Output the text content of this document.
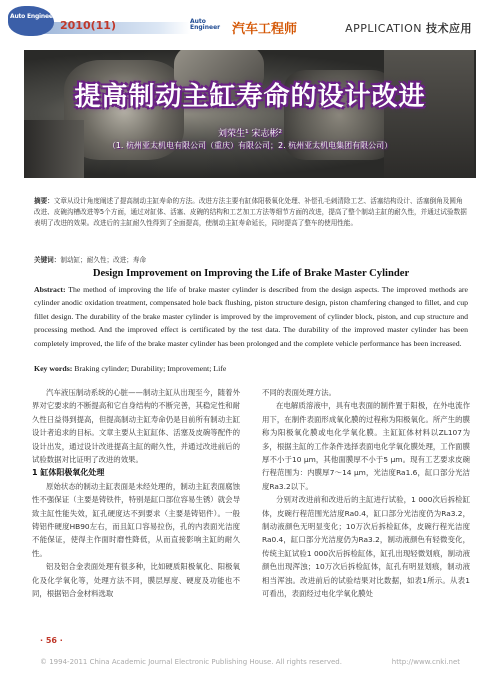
Auto Engineer
2010(11)	Auto
Engineer 汽车工程师	APPLICATION 技术应用
提高制动主缸寿命的设计改进
刘荣生¹ 宋志彬²
（1. 杭州亚太机电有限公司（重庆）有限公司；2. 杭州亚太机电集团有限公司）
摘要：文章从设计角度阐述了提高制动主缸寿命的方法。改进方法主要有缸体阳极氧化处理、补偿孔毛刺清除工艺、活塞结构设计、活塞倒角及圆角改进、皮碗沟槽改进等5个方面，通过对缸体、活塞、皮碗的结构和工艺加工方法等细节方面的改进，提高了整个制动主缸的耐久性，并通过试验数据表明了改进的效果。改进后的主缸耐久性得到了全面提高，使制动主缸寿命延长，同时提高了整车的使用性能。
关键词：制动缸；耐久性；改进；寿命
Design Improvement on Improving the Life of Brake Master Cylinder
Abstract: The method of improving the life of brake master cylinder is described from the design aspects. The improved methods are cylinder anodic oxidation treatment, compensated hole back flushing, piston structure design, piston chamfering changed to fillet, and cup fillet design. The durability of the brake master cylinder is improved by the improvement of cylinder block, piston, and cup structure and processing method. And the improved effect is certificated by the test data. The durability of the improved master cylinder has been completely improved, the life of the brake master cylinder has been prolonged and the complete vehicle performance has been increased.
Key words: Braking cylinder; Durability; Improvement; Life

汽车液压制动系统的心脏——制动主缸从出现至今，随着外界对它要求的不断提高和它自身结构的不断完善，其稳定性和耐久性日益得到提高，但提高制动主缸寿命仍是目前所有制动主缸设计者追求的目标。文章主要从主缸缸体、活塞及皮碗等配件的设计出发，通过设计改进提高主缸的耐久性，并通过改进前后的试验数据对比证明了改进的效果。

1 缸体阳极氧化处理

原始状态的制动主缸表面是未经处理的，制动主缸表面腐蚀性不强保证（主要是铸铁件，特别是缸口部位容易生锈）就会导致主缸性能失效，缸孔硬度达不到要求（主要是铸铝件）。一般铸铝件硬度HB90左右，而且缸口容易拉伤，孔的内表面光洁度不能保证，使得主作面时磨性降低，从而直接影响主缸的耐久性。

铝及铝合金表面处理有很多种，比如硬质阳极氧化、阳极氧化及化学氧化等，处理方法不同，膜层厚度、硬度及功能也不同，根据铝合金材料选取

不同的表面处理方法。

在电解质溶液中，具有电表面的制件置于阳极，在外电流作用下，在制件表面形成氧化膜的过程称为阳极氧化。所产生的膜称为阳极氧化膜或电化学氧化膜。主缸缸体材料以ZL107为多，根据主缸的工作条件选择表面电化学氧化膜处理，工作面膜厚不小于10 μm，其他面膜厚不小于5 μm。现有工艺要求皮碗行程范围为：内膜厚7～14 μm，光洁度Ra1.6，缸口部分光洁度Ra3.2以下。

分别对改进前和改进后的主缸进行试验，1 000次后拆检缸体，皮碗行程范围光洁度Ra0.4，缸口部分光洁度仍为Ra3.2，制动液颜色无明显变化；10万次后拆检缸体，皮碗行程光洁度Ra0.4，缸口部分光洁度仍为Ra3.2，制动液颜色有轻微变化，传统主缸试验1 000次后拆检缸体，缸孔出现轻微划痕，制动液颜色出现浑浊；10万次后拆检缸体，缸孔有明显划痕，制动液相当浑浊。改进前后的试验结果对比数据，如表1所示。从表1可看出，表面经过电化学氧化膜处

· 56 ·
© 1994-2011 China Academic Journal Electronic Publishing House. All rights reserved.	http://www.cnki.net
